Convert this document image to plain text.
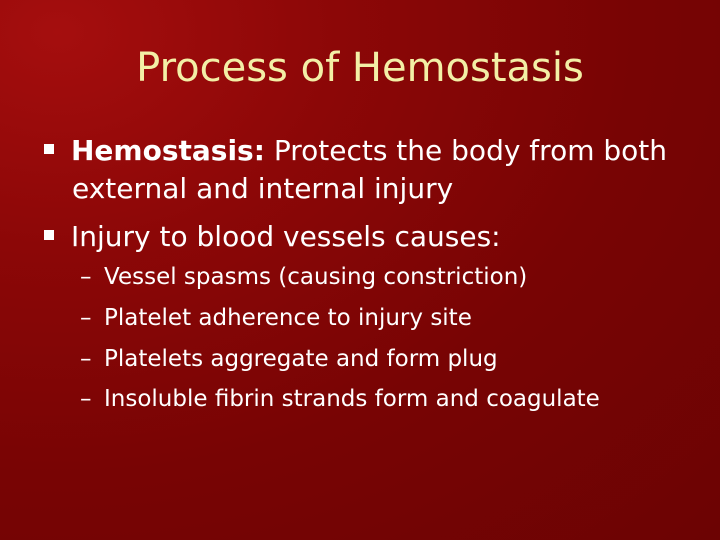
Process of Hemostasis
Hemostasis: Protects the body from both
external and internal injury
Injury to blood vessels causes:
– Vessel spasms (causing constriction)
– Platelet adherence to injury site
– Platelets aggregate and form plug
– Insoluble fibrin strands form and coagulate
